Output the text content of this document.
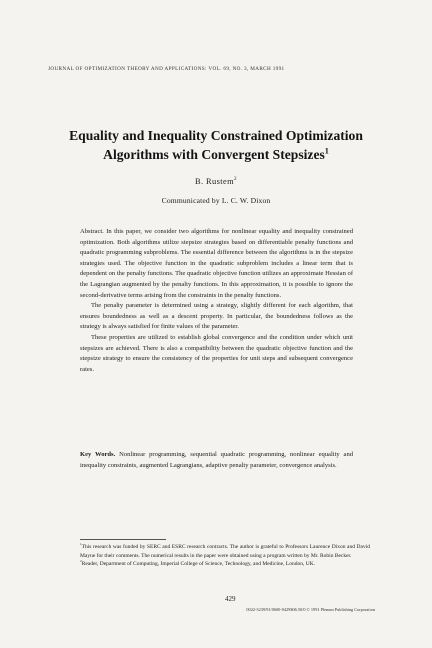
JOURNAL OF OPTIMIZATION THEORY AND APPLICATIONS: VOL. 69, NO. 3, MARCH 1991
Equality and Inequality Constrained Optimization
Algorithms with Convergent Stepsizes$^1$
B. Rustem$^2$
Communicated by L. C. W. Dixon

Abstract. In this paper, we consider two algorithms for nonlinear equality and inequality constrained optimization. Both algorithms utilize stepsize strategies based on differentiable penalty functions and quadratic programming subproblems. The essential difference between the algorithms is in the stepsize strategies used. The objective function in the quadratic subproblem includes a linear term that is dependent on the penalty functions. The quadratic objective function utilizes an approximate Hessian of the Lagrangian augmented by the penalty functions. In this approximation, it is possible to ignore the second-derivative terms arising from the constraints in the penalty functions.

The penalty parameter is determined using a strategy, slightly different for each algorithm, that ensures boundedness as well as a descent property. In particular, the boundedness follows as the strategy is always satisfied for finite values of the parameter.

These properties are utilized to establish global convergence and the condition under which unit stepsizes are achieved. There is also a compatibility between the quadratic objective function and the stepsize strategy to ensure the consistency of the properties for unit steps and subsequent convergence rates.

Key Words. Nonlinear programming, sequential quadratic programming, nonlinear equality and inequality constraints, augmented Lagrangians, adaptive penalty parameter, convergence analysis.

$^1$This research was funded by SERC and ESRC research contracts. The author is grateful to Professors Laurence Dixon and David Mayne for their comments. The numerical results in the paper were obtained using a program written by Mr. Robin Becker.

$^2$Reader, Department of Computing, Imperial College of Science, Technology, and Medicine, London, UK.

429
0022-3239/91/0600-0429$06.50/0 © 1991 Plenum Publishing Corporation
